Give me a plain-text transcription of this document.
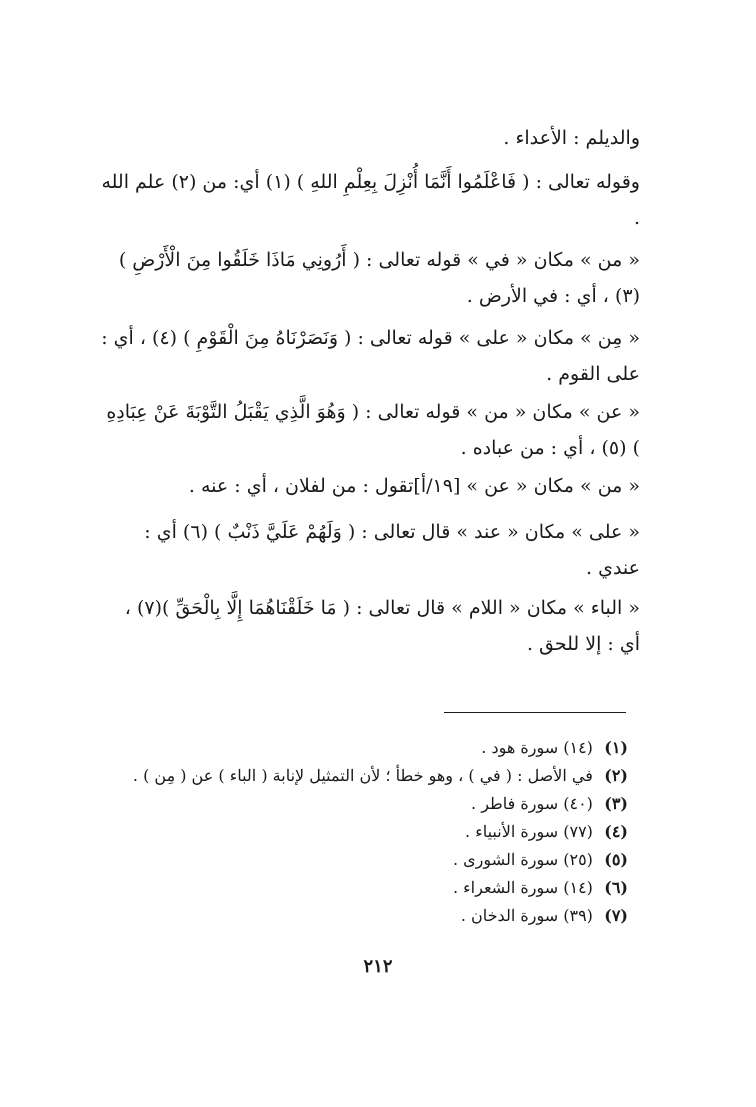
والديلم : الأعداء .

وقوله تعالى : ( فَاعْلَمُوا أَنَّمَا أُنْزِلَ بِعِلْمِ اللهِ ) (١) أي: من (٢) علم الله .

« من » مكان « في » قوله تعالى : ( أَرُونِي مَاذَا خَلَقُوا مِنَ الْأَرْضِ ) (٣) ، أي : في الأرض .

« مِن » مكان « على » قوله تعالى : ( وَنَصَرْنَاهُ مِنَ الْقَوْمِ ) (٤) ، أي : على القوم .

« عن » مكان « من » قوله تعالى : ( وَهُوَ الَّذِي يَقْبَلُ التَّوْبَةَ عَنْ عِبَادِهِ ) (٥) ، أي : من عباده .

« من » مكان « عن » [١٩/أ]تقول : من لفلان ، أي : عنه .

« على » مكان « عند » قال تعالى : ( وَلَهُمْ عَلَيَّ ذَنْبٌ ) (٦) أي : عندي .

« الباء » مكان « اللام » قال تعالى : ( مَا خَلَقْنَاهُمَا إِلَّا بِالْحَقِّ )(٧) ، أي : إلا للحق .

(١) (١٤) سورة هود .
(٢) في الأصل : ( في ) ، وهو خطأ ؛ لأن التمثيل لإنابة ( الباء ) عن ( مِن ) .
(٣) (٤٠) سورة فاطر .
(٤) (٧٧) سورة الأنبياء .
(٥) (٢٥) سورة الشورى .
(٦) (١٤) سورة الشعراء .
(٧) (٣٩) سورة الدخان .
٢١٢
